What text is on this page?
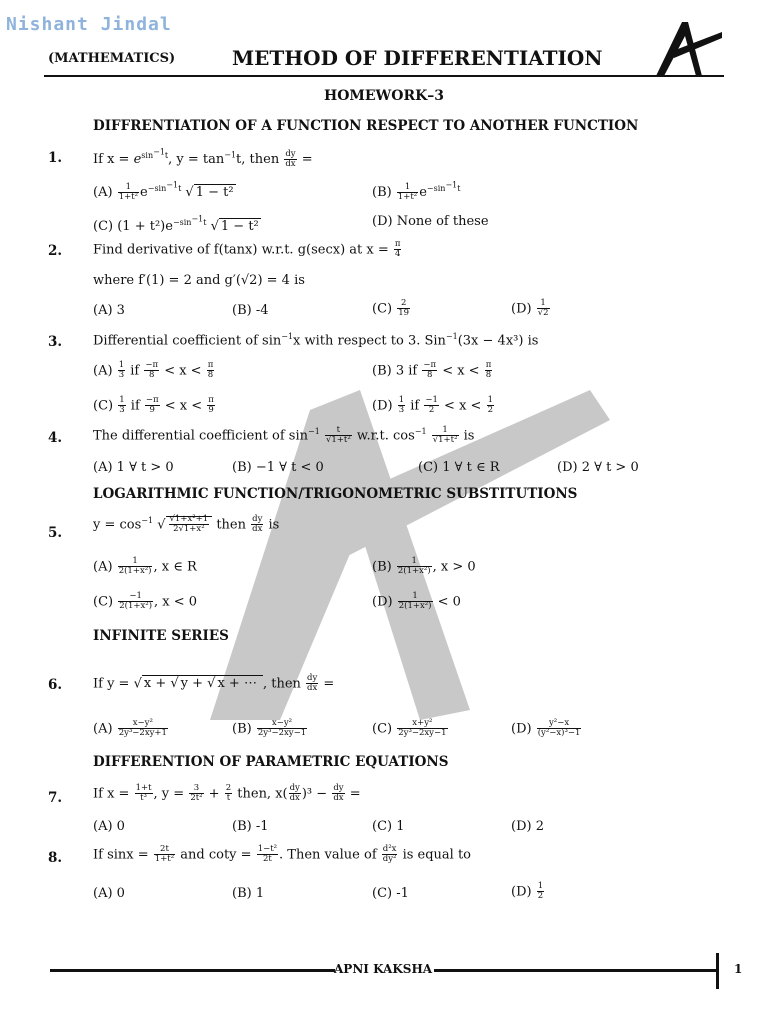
Nishant Jindal
(MATHEMATICS)	METHOD OF DIFFERENTIATION
HOMEWORK–3
DIFFRENTIATION OF A FUNCTION RESPECT TO ANOTHER FUNCTION
1. If $x = e^{sin^{-1}t}$, $y = \tan^{-1}t$, then $\frac{dy}{dx}$ =
$(A) \frac{1}{\text{1+t²}} e^{-sin^{-1}t}$ √ 1 − t²	$(B) \frac{1}{\text{1+t²}} e^{-sin^{-1}t}$
(C) $(1 + t^2)e^{-sin^{-1}t}$ √ 1 − t²	(D) None of these
2. Find derivative of f(tanx) w.r.t. g(secx) at $x = \frac{\pi}{4}$
where f′(1) = 2 and g′(√2) = 4 is
(A) 3	(B) -4	$(C) \frac{2}{19}$	$(D) \frac{1}{√2}$
3. Differential coefficient of $\sin^{-1}x$ with respect to 3. Sin$^{-1}$(3x − 4x³) is
$(A) \frac{1}{3}$ if $\frac{-\pi}{8} < x < \frac{\pi}{8}$	(B) 3 if $\frac{-\pi}{8} < x < \frac{\pi}{8}$
$(C) \frac{1}{3}$ if $\frac{-\pi}{9} < x < \frac{\pi}{9}$	$(D) \frac{1}{3}$ if $\frac{-1}{2} < x < \frac{1}{2}$
4. The differential coefficient of $\sin^{-1} \frac{t}{\text{√1+t²}} w.r.t$. $\cos^{-1} \frac{1}{\text{√1+t²}}$ is
(A) 1 ∀ t > 0	(B) −1 ∀ t < 0	(C) 1 ∀ t ∈ R	(D) 2 ∀ t > 0
LOGARITHMIC FUNCTION/TRIGONOMETRIC SUBSTITUTIONS
5.
$y = \cos^{-1}$ √ $\frac{\text{√1+x²+1}}{\text{2√1+x²}}$ then $\frac{dy}{dx}$ is
$(A) \frac{1}{\text{2(1+x²)}}$ , x ∈ R	$(B) \frac{1}{\text{2(1+x²)}}$ , x > 0
$(C) \frac{-1}{\text{2(1+x²)}}$ , x < 0	$(D) \frac{1}{\text{2(1+x²)}} < 0$
INFINITE SERIES
6. If y = √ x + √ y + √ x + ⋯ , then $\frac{dy}{dx}$ =
$(A) \frac{\text{x−y²}}{\text{2y³−2xy+1}}$	$(B) \frac{\text{x−y²}}{\text{2y³−2xy−1}}$	$(C) \frac{\text{x+y²}}{\text{2y³−2xy−1}}$	$(D) \frac{\text{y²−x}}{\text{(y²−x)³−1}}$
DIFFERENTION OF PARAMETRIC EQUATIONS
7. If $x = \frac{1+t}{\text{t³}}$ , $y = \frac{3}{\text{2t²}} + \frac{2}{t}$ then, $x( \frac{dy}{dx} )^3 - \frac{dy}{dx}$ =
(A) 0	(B) -1	(C) 1	(D) 2
8. If $\sin x = \frac{2t}{\text{1+t²}}$ and $\cot y = \frac{\text{1−t²}}{2t}$ . Then value of $\frac{\text{d²x}}{\text{dy²}}$ is equal to
(A) 0	(B) 1	(C) -1	$(D) \frac{1}{2}$
APNI KAKSHA	1
